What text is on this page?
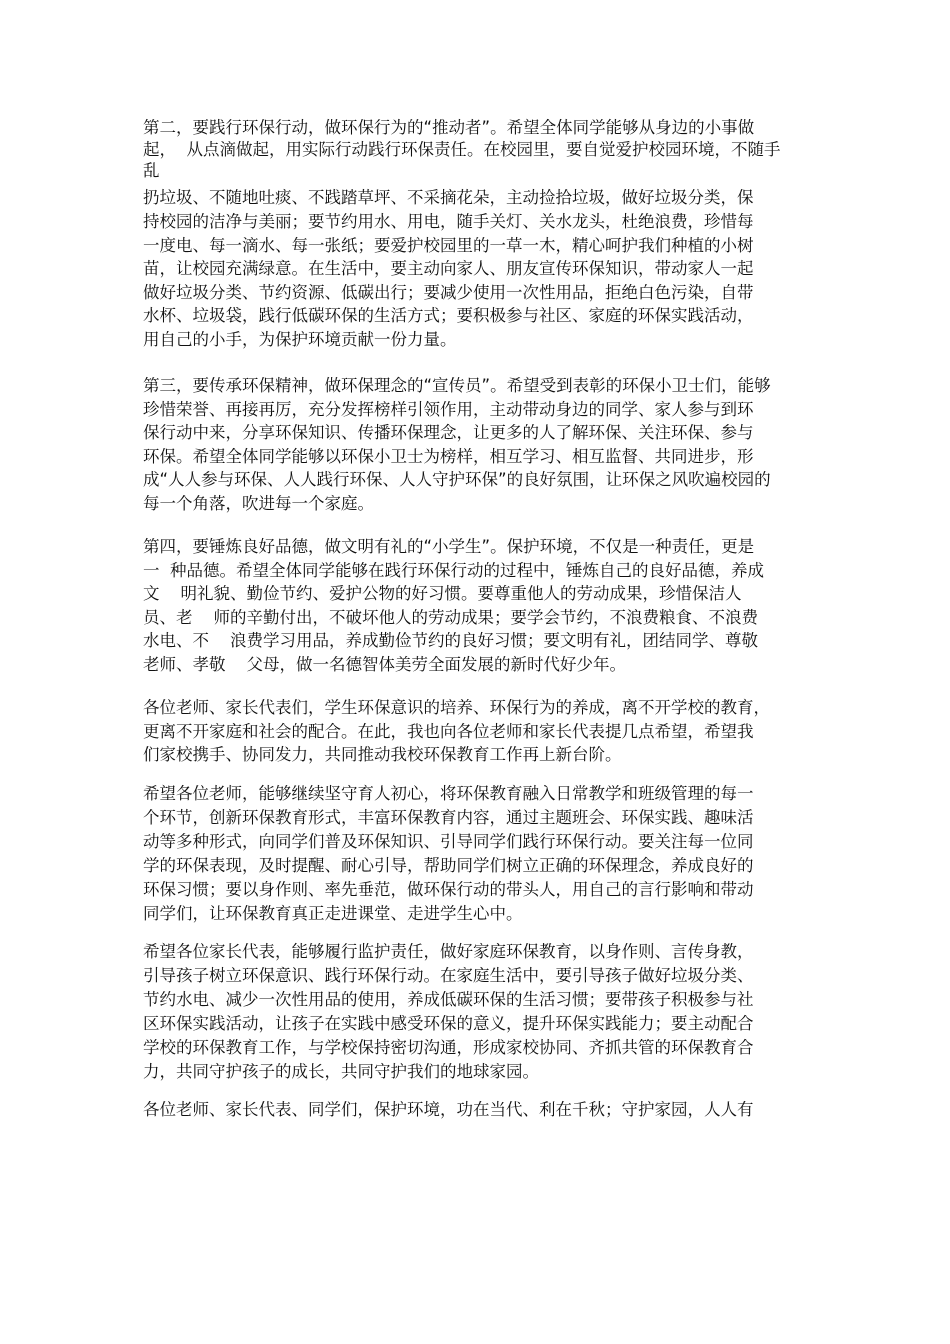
第二，要践行环保行动，做环保行为的“推动者”。希望全体同学能够从身边的小事做

起，  从点滴做起，用实际行动践行环保责任。在校园里，要自觉爱护校园环境，不随手

乱

扔垃圾、不随地吐痰、不践踏草坪、不采摘花朵，主动捡拾垃圾，做好垃圾分类，保

持校园的洁净与美丽；要节约用水、用电，随手关灯、关水龙头，杜绝浪费，珍惜每

一度电、每一滴水、每一张纸；要爱护校园里的一草一木，精心呵护我们种植的小树

苗，让校园充满绿意。在生活中，要主动向家人、朋友宣传环保知识，带动家人一起

做好垃圾分类、节约资源、低碳出行；要减少使用一次性用品，拒绝白色污染，自带

水杯、垃圾袋，践行低碳环保的生活方式；要积极参与社区、家庭的环保实践活动，

用自己的小手，为保护环境贡献一份力量。

第三，要传承环保精神，做环保理念的“宣传员”。希望受到表彰的环保小卫士们，能够

珍惜荣誉、再接再厉，充分发挥榜样引领作用，主动带动身边的同学、家人参与到环

保行动中来，分享环保知识、传播环保理念，让更多的人了解环保、关注环保、参与

环保。希望全体同学能够以环保小卫士为榜样，相互学习、相互监督、共同进步，形

成“人人参与环保、人人践行环保、人人守护环保”的良好氛围，让环保之风吹遍校园的

每一个角落，吹进每一个家庭。

第四，要锤炼良好品德，做文明有礼的“小学生”。保护环境，不仅是一种责任，更是

一  种品德。希望全体同学能够在践行环保行动的过程中，锤炼自己的良好品德，养成

文    明礼貌、勤俭节约、爱护公物的好习惯。要尊重他人的劳动成果，珍惜保洁人

员、老    师的辛勤付出，不破坏他人的劳动成果；要学会节约，不浪费粮食、不浪费

水电、不    浪费学习用品，养成勤俭节约的良好习惯；要文明有礼，团结同学、尊敬

老师、孝敬    父母，做一名德智体美劳全面发展的新时代好少年。

各位老师、家长代表们，学生环保意识的培养、环保行为的养成，离不开学校的教育，

更离不开家庭和社会的配合。在此，我也向各位老师和家长代表提几点希望，希望我

们家校携手、协同发力，共同推动我校环保教育工作再上新台阶。

希望各位老师，能够继续坚守育人初心，将环保教育融入日常教学和班级管理的每一

个环节，创新环保教育形式，丰富环保教育内容，通过主题班会、环保实践、趣味活

动等多种形式，向同学们普及环保知识、引导同学们践行环保行动。要关注每一位同

学的环保表现，及时提醒、耐心引导，帮助同学们树立正确的环保理念，养成良好的

环保习惯；要以身作则、率先垂范，做环保行动的带头人，用自己的言行影响和带动

同学们，让环保教育真正走进课堂、走进学生心中。

希望各位家长代表，能够履行监护责任，做好家庭环保教育，以身作则、言传身教，

引导孩子树立环保意识、践行环保行动。在家庭生活中，要引导孩子做好垃圾分类、

节约水电、减少一次性用品的使用，养成低碳环保的生活习惯；要带孩子积极参与社

区环保实践活动，让孩子在实践中感受环保的意义，提升环保实践能力；要主动配合

学校的环保教育工作，与学校保持密切沟通，形成家校协同、齐抓共管的环保教育合

力，共同守护孩子的成长，共同守护我们的地球家园。

各位老师、家长代表、同学们，保护环境，功在当代、利在千秋；守护家园，人人有
